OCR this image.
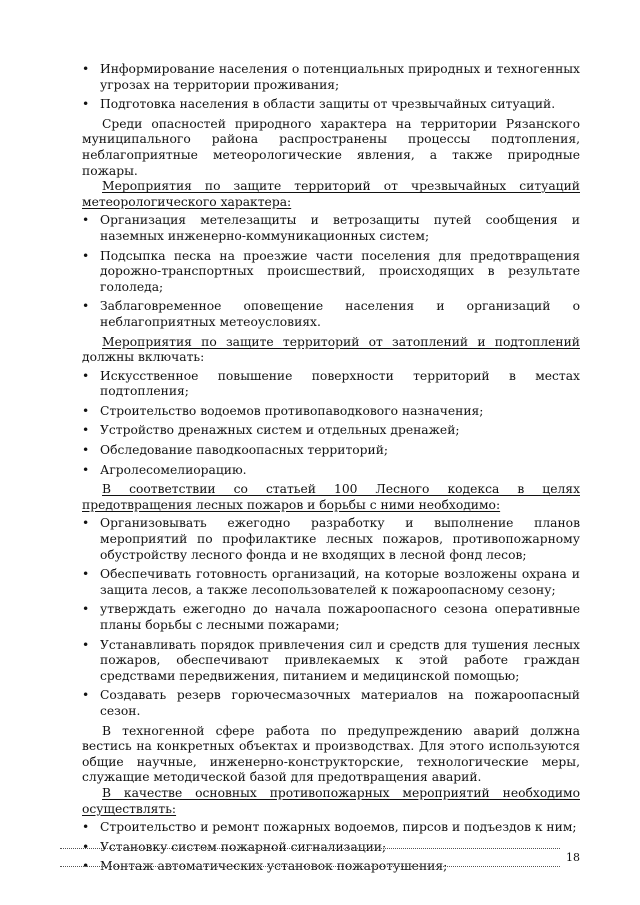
• Информирование населения о потенциальных природных и техногенных угрозах на территории проживания;
• Подготовка населения в области защиты от чрезвычайных ситуаций.

Среди опасностей природного характера на территории Рязанского муниципального района распространены процессы подтопления, неблагоприятные метеорологические явления, а также природные пожары.

Мероприятия по защите территорий от чрезвычайных ситуаций метеорологического характера:

• Организация метелезащиты и ветрозащиты путей сообщения и наземных инженерно-коммуникационных систем;
• Подсыпка песка на проезжие части поселения для предотвращения дорожно-транспортных происшествий, происходящих в результате гололеда;
• Заблаговременное оповещение населения и организаций о неблагоприятных метеоусловиях.

Мероприятия по защите территорий от затоплений и подтоплений должны включать:

• Искусственное повышение поверхности территорий в местах подтопления;
• Строительство водоемов противопаводкового назначения;
• Устройство дренажных систем и отдельных дренажей;
• Обследование паводкоопасных территорий;
• Агролесомелиорацию.

В соответствии со статьей 100 Лесного кодекса в целях предотвращения лесных пожаров и борьбы с ними необходимо:

• Организовывать ежегодно разработку и выполнение планов мероприятий по профилактике лесных пожаров, противопожарному обустройству лесного фонда и не входящих в лесной фонд лесов;
• Обеспечивать готовность организаций, на которые возложены охрана и защита лесов, а также лесопользователей к пожароопасному сезону;
• утверждать ежегодно до начала пожароопасного сезона оперативные планы борьбы с лесными пожарами;
• Устанавливать порядок привлечения сил и средств для тушения лесных пожаров, обеспечивают привлекаемых к этой работе граждан средствами передвижения, питанием и медицинской помощью;
• Создавать резерв горючесмазочных материалов на пожароопасный сезон.

В техногенной сфере работа по предупреждению аварий должна вестись на конкретных объектах и производствах. Для этого используются общие научные, инженерно-конструкторские, технологические меры, служащие методической базой для предотвращения аварий.

В качестве основных противопожарных мероприятий необходимо осуществлять:

• Строительство и ремонт пожарных водоемов, пирсов и подъездов к ним;
• Установку систем пожарной сигнализации;
• Монтаж автоматических установок пожаротушения;
18
